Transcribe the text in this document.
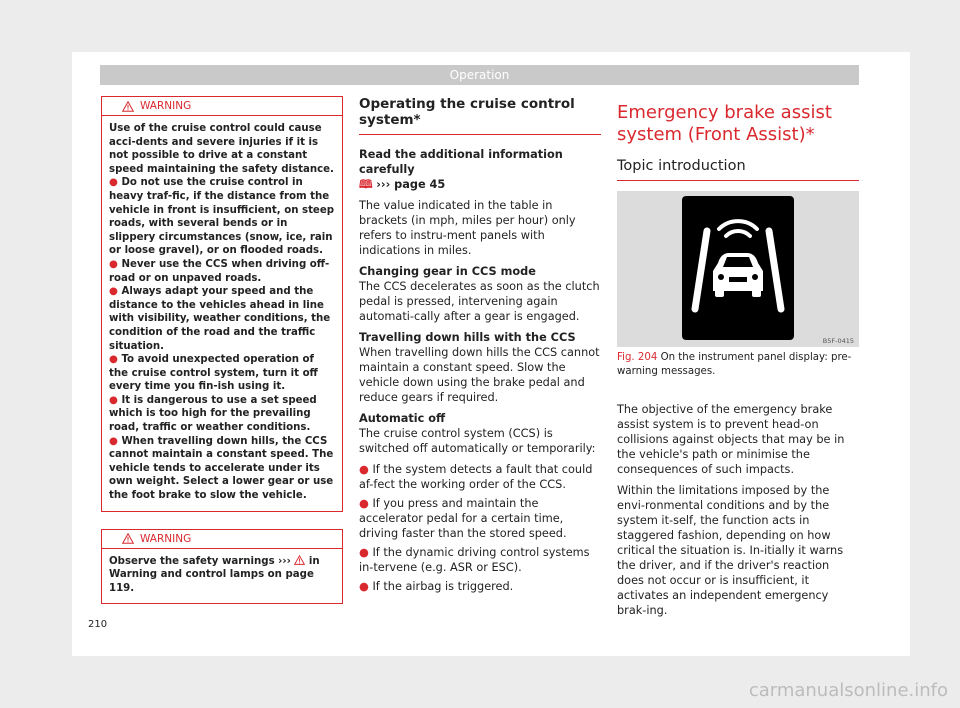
Operation
WARNING

Use of the cruise control could cause acci-dents and severe injuries if it is not possible to drive at a constant speed maintaining the safety distance.

● Do not use the cruise control in heavy traf-fic, if the distance from the vehicle in front is insufficient, on steep roads, with several bends or in slippery circumstances (snow, ice, rain or loose gravel), or on flooded roads.

● Never use the CCS when driving off-road or on unpaved roads.

● Always adapt your speed and the distance to the vehicles ahead in line with visibility, weather conditions, the condition of the road and the traffic situation.

● To avoid unexpected operation of the cruise control system, turn it off every time you fin-ish using it.

● It is dangerous to use a set speed which is too high for the prevailing road, traffic or weather conditions.

● When travelling down hills, the CCS cannot maintain a constant speed. The vehicle tends to accelerate under its own weight. Select a lower gear or use the foot brake to slow the vehicle.

WARNING

Observe the safety warnings ››› in Warning and control lamps on page 119.

Operating the cruise control system*

Read the additional information carefully
🕮 ››› page 45

The value indicated in the table in brackets (in mph, miles per hour) only refers to instru-ment panels with indications in miles.

Changing gear in CCS mode

The CCS decelerates as soon as the clutch pedal is pressed, intervening again automati-cally after a gear is engaged.

Travelling down hills with the CCS

When travelling down hills the CCS cannot maintain a constant speed. Slow the vehicle down using the brake pedal and reduce gears if required.

Automatic off

The cruise control system (CCS) is switched off automatically or temporarily:

● If the system detects a fault that could af-fect the working order of the CCS.

● If you press and maintain the accelerator pedal for a certain time, driving faster than the stored speed.

● If the dynamic driving control systems in-tervene (e.g. ASR or ESC).

● If the airbag is triggered.

Emergency brake assist system (Front Assist)*
Topic introduction
B5F-0415
Fig. 204 On the instrument panel display: pre-warning messages.

The objective of the emergency brake assist system is to prevent head-on collisions against objects that may be in the vehicle's path or minimise the consequences of such impacts.

Within the limitations imposed by the envi-ronmental conditions and by the system it-self, the function acts in staggered fashion, depending on how critical the situation is. In-itially it warns the driver, and if the driver's reaction does not occur or is insufficient, it activates an independent emergency brak-ing.

210
carmanualsonline.info
